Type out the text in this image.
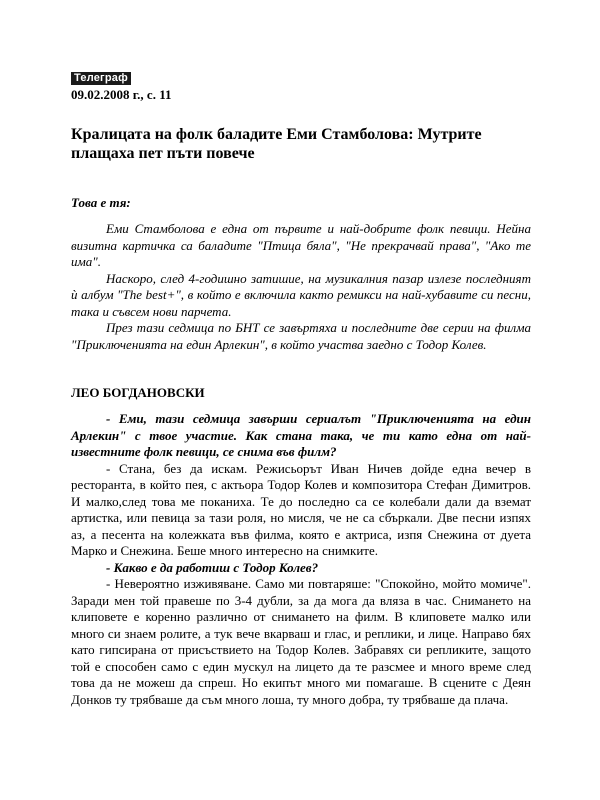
Телеграф
09.02.2008 г., с. 11
Кралицата на фолк баладите Еми Стамболова: Мутрите плащаха пет пъти повече
Това е тя:

Еми Стамболова е една от първите и най-добрите фолк певици. Нейна визитна картичка са баладите "Птица бяла", "Не прекрачвай права", "Ако те има".

Наскоро, след 4-годишно затишие, на музикалния пазар излезе последният ѝ албум "The best+", в който е включила както ремикси на най-хубавите си песни, така и съвсем нови парчета.

През тази седмица по БНТ се завъртяха и последните две серии на филма "Приключенията на един Арлекин", в който участва заедно с Тодор Колев.

ЛЕО БОГДАНОВСКИ

- Еми, тази седмица завърши сериалът "Приключенията на един Арлекин" с твое участие. Как стана така, че ти като една от най-известните фолк певици, се снима във филм?

- Стана, без да искам. Режисьорът Иван Ничев дойде една вечер в ресторанта, в който пея, с актьора Тодор Колев и композитора Стефан Димитров. И малко,след това ме поканиха. Те до последно са се колебали дали да вземат артистка, или певица за тази роля, но мисля, че не са сбъркали. Две песни изпях аз, а песента на колежката във филма, която е актриса, изпя Снежина от дуета Марко и Снежина. Беше много интересно на снимките.

- Какво е да работиш с Тодор Колев?

- Невероятно изживяване. Само ми повтаряше: "Спокойно, мойто момиче". Заради мен той правеше по 3-4 дубли, за да мога да вляза в час. Снимането на клиповете е коренно различно от снимането на филм. В клиповете малко или много си знаем ролите, а тук вече вкарваш и глас, и реплики, и лице. Направо бях като гипсирана от присъствието на Тодор Колев. Забравях си репликите, защото той е способен само с един мускул на лицето да те разсмее и много време след това да не можеш да спреш. Но екипът много ми помагаше. В сцените с Деян Донков ту трябваше да съм много лоша, ту много добра, ту трябваше да плача.
